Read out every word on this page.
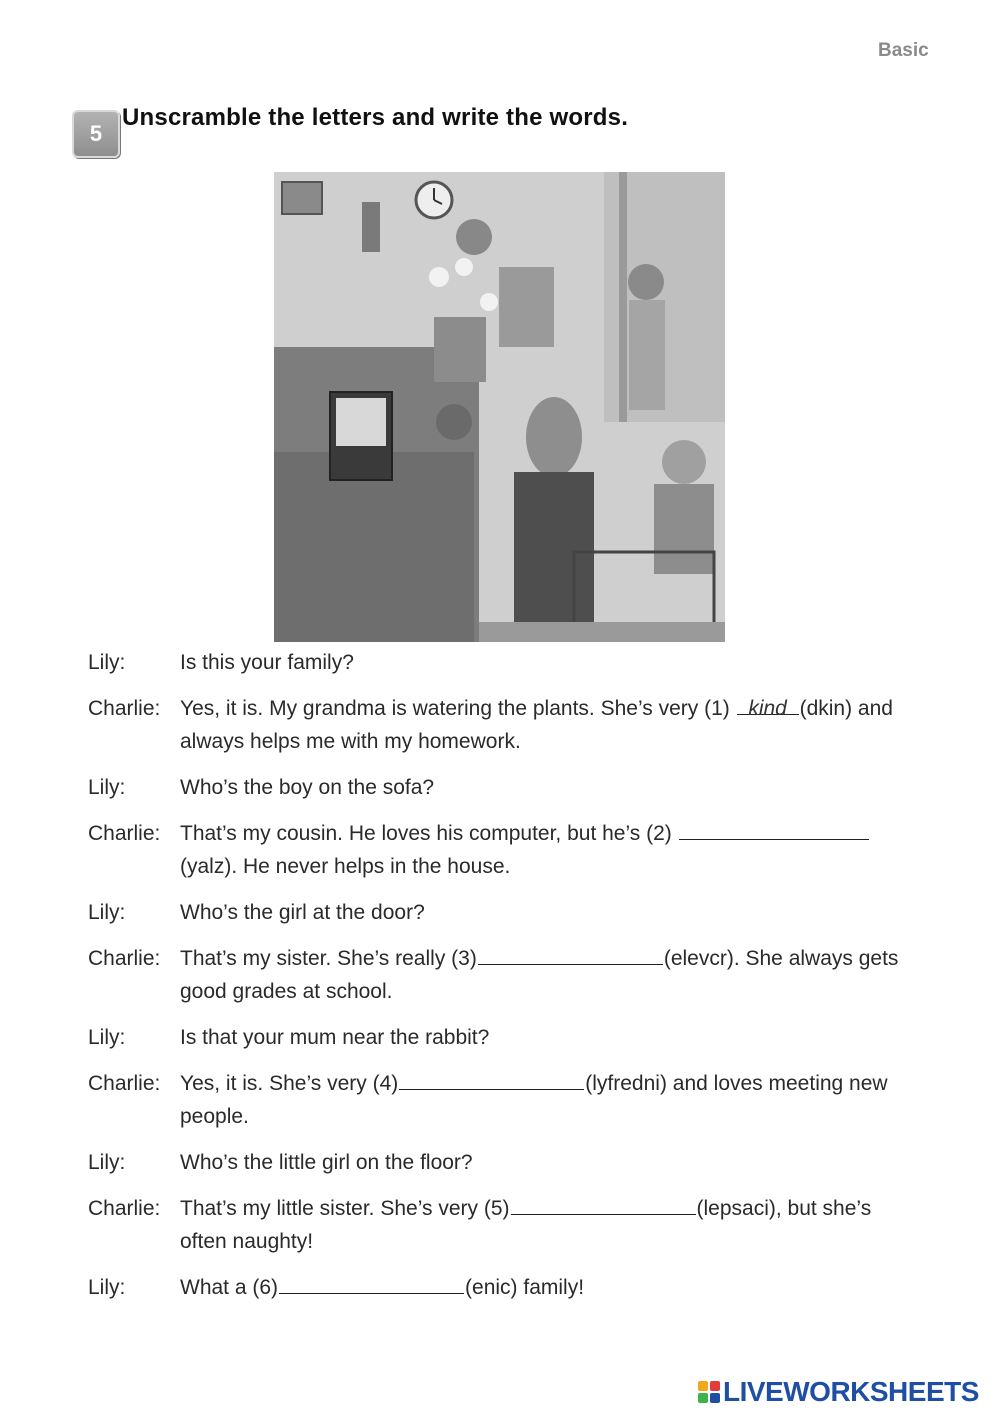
Basic
5
Unscramble the letters and write the words.
Lily:	Is this your family?
Charlie: Yes, it is. My grandma is watering the plants. She’s very (1) kind (dkin) and always helps me with my homework.
Lily:	Who’s the boy on the sofa?
Charlie: That’s my cousin. He loves his computer, but he’s (2) (yalz). He never helps in the house.
Lily:	Who’s the girl at the door?
Charlie: That’s my sister. She’s really (3)	(elevcr). She always gets good grades at school.
Lily:	Is that your mum near the rabbit?
Charlie: Yes, it is. She’s very (4)	(lyfredni) and loves meeting new people.
Lily:	Who’s the little girl on the floor?
Charlie: That’s my little sister. She’s very (5)	(lepsaci), but she’s often naughty!
Lily:	What a (6)	(enic) family!
LIVEWORKSHEETS
